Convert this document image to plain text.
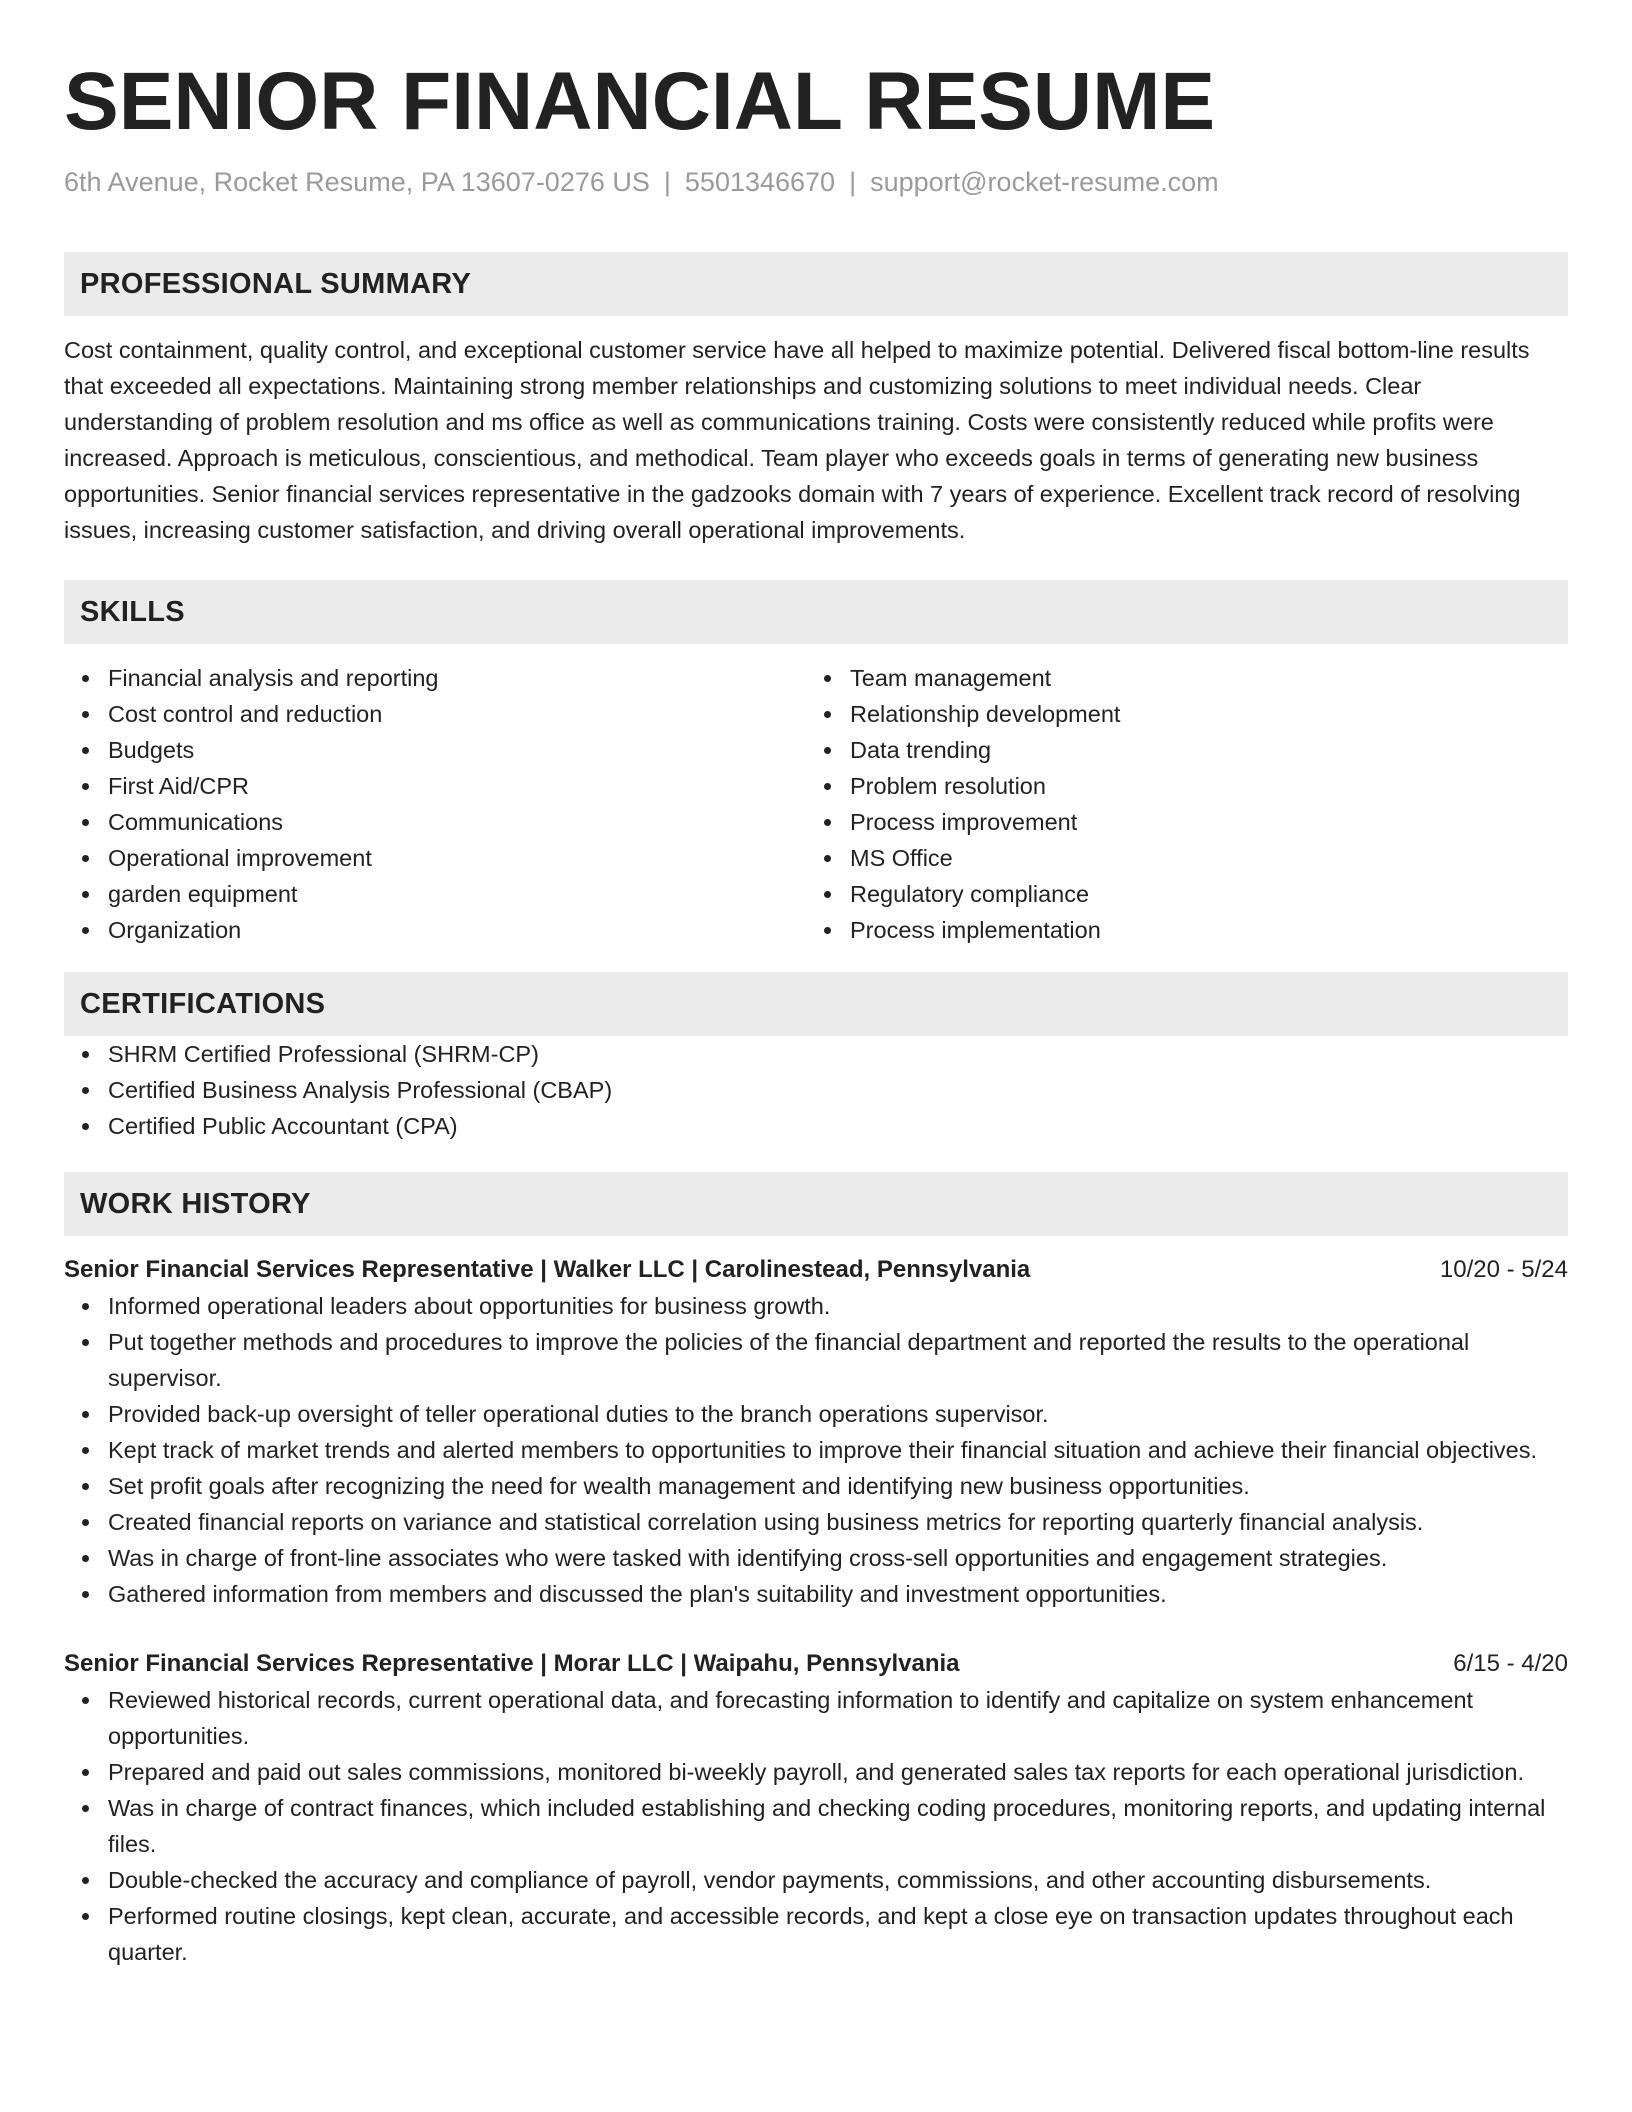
SENIOR FINANCIAL RESUME
6th Avenue, Rocket Resume, PA 13607-0276 US | 5501346670 | support@rocket-resume.com
PROFESSIONAL SUMMARY
Cost containment, quality control, and exceptional customer service have all helped to maximize potential. Delivered fiscal bottom-line results that exceeded all expectations. Maintaining strong member relationships and customizing solutions to meet individual needs. Clear understanding of problem resolution and ms office as well as communications training. Costs were consistently reduced while profits were increased. Approach is meticulous, conscientious, and methodical. Team player who exceeds goals in terms of generating new business opportunities. Senior financial services representative in the gadzooks domain with 7 years of experience. Excellent track record of resolving issues, increasing customer satisfaction, and driving overall operational improvements.
SKILLS
Financial analysis and reporting
Cost control and reduction
Budgets
First Aid/CPR
Communications
Operational improvement
garden equipment
Organization
Team management
Relationship development
Data trending
Problem resolution
Process improvement
MS Office
Regulatory compliance
Process implementation
CERTIFICATIONS
SHRM Certified Professional (SHRM-CP)
Certified Business Analysis Professional (CBAP)
Certified Public Accountant (CPA)
WORK HISTORY
Senior Financial Services Representative | Walker LLC | Carolinestead, Pennsylvania	10/20 - 5/24
Informed operational leaders about opportunities for business growth.
Put together methods and procedures to improve the policies of the financial department and reported the results to the operational supervisor.
Provided back-up oversight of teller operational duties to the branch operations supervisor.
Kept track of market trends and alerted members to opportunities to improve their financial situation and achieve their financial objectives.
Set profit goals after recognizing the need for wealth management and identifying new business opportunities.
Created financial reports on variance and statistical correlation using business metrics for reporting quarterly financial analysis.
Was in charge of front-line associates who were tasked with identifying cross-sell opportunities and engagement strategies.
Gathered information from members and discussed the plan's suitability and investment opportunities.
Senior Financial Services Representative | Morar LLC | Waipahu, Pennsylvania	6/15 - 4/20
Reviewed historical records, current operational data, and forecasting information to identify and capitalize on system enhancement opportunities.
Prepared and paid out sales commissions, monitored bi-weekly payroll, and generated sales tax reports for each operational jurisdiction.
Was in charge of contract finances, which included establishing and checking coding procedures, monitoring reports, and updating internal files.
Double-checked the accuracy and compliance of payroll, vendor payments, commissions, and other accounting disbursements.
Performed routine closings, kept clean, accurate, and accessible records, and kept a close eye on transaction updates throughout each quarter.
